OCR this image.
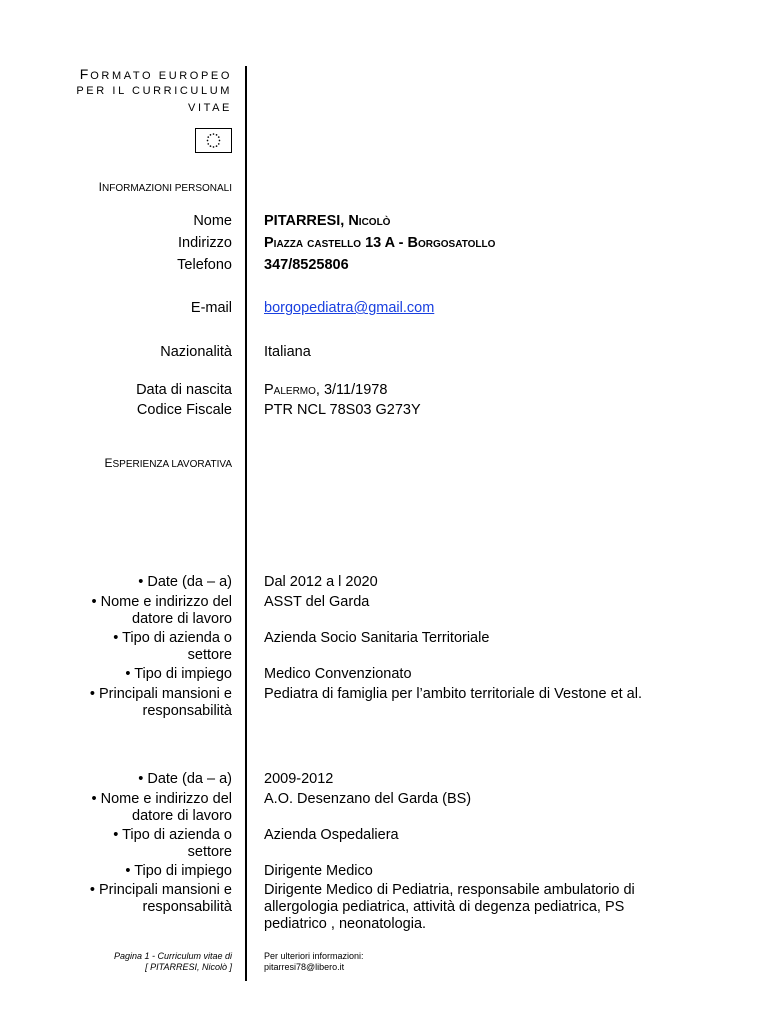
FORMATO EUROPEO
PER IL CURRICULUM
VITAE
INFORMAZIONI PERSONALI
Nome PITARRESI, Nicolò
Indirizzo Piazza castello 13 A - Borgosatollo
Telefono 347/8525806
E-mail borgopediatra@gmail.com
Nazionalità Italiana
Data di nascita Palermo, 3/11/1978
Codice Fiscale PTR NCL 78S03 G273Y
ESPERIENZA LAVORATIVA
• Date (da – a) Dal 2012 a l 2020
• Nome e indirizzo del
datore di lavoro
ASST del Garda
• Tipo di azienda o
settore
Azienda Socio Sanitaria Territoriale
• Tipo di impiego Medico Convenzionato
• Principali mansioni e
responsabilità
Pediatra di famiglia per l’ambito territoriale di Vestone et al.
• Date (da – a) 2009-2012
• Nome e indirizzo del
datore di lavoro
A.O. Desenzano del Garda (BS)
• Tipo di azienda o
settore
Azienda Ospedaliera
• Tipo di impiego Dirigente Medico
• Principali mansioni e
responsabilità
Dirigente Medico di Pediatria, responsabile ambulatorio di
allergologia pediatrica, attività di degenza pediatrica, PS
pediatrico , neonatologia.
Pagina 1 - Curriculum vitae di
[ PITARRESI, Nicolò ]
Per ulteriori informazioni:
pitarresi78@libero.it
